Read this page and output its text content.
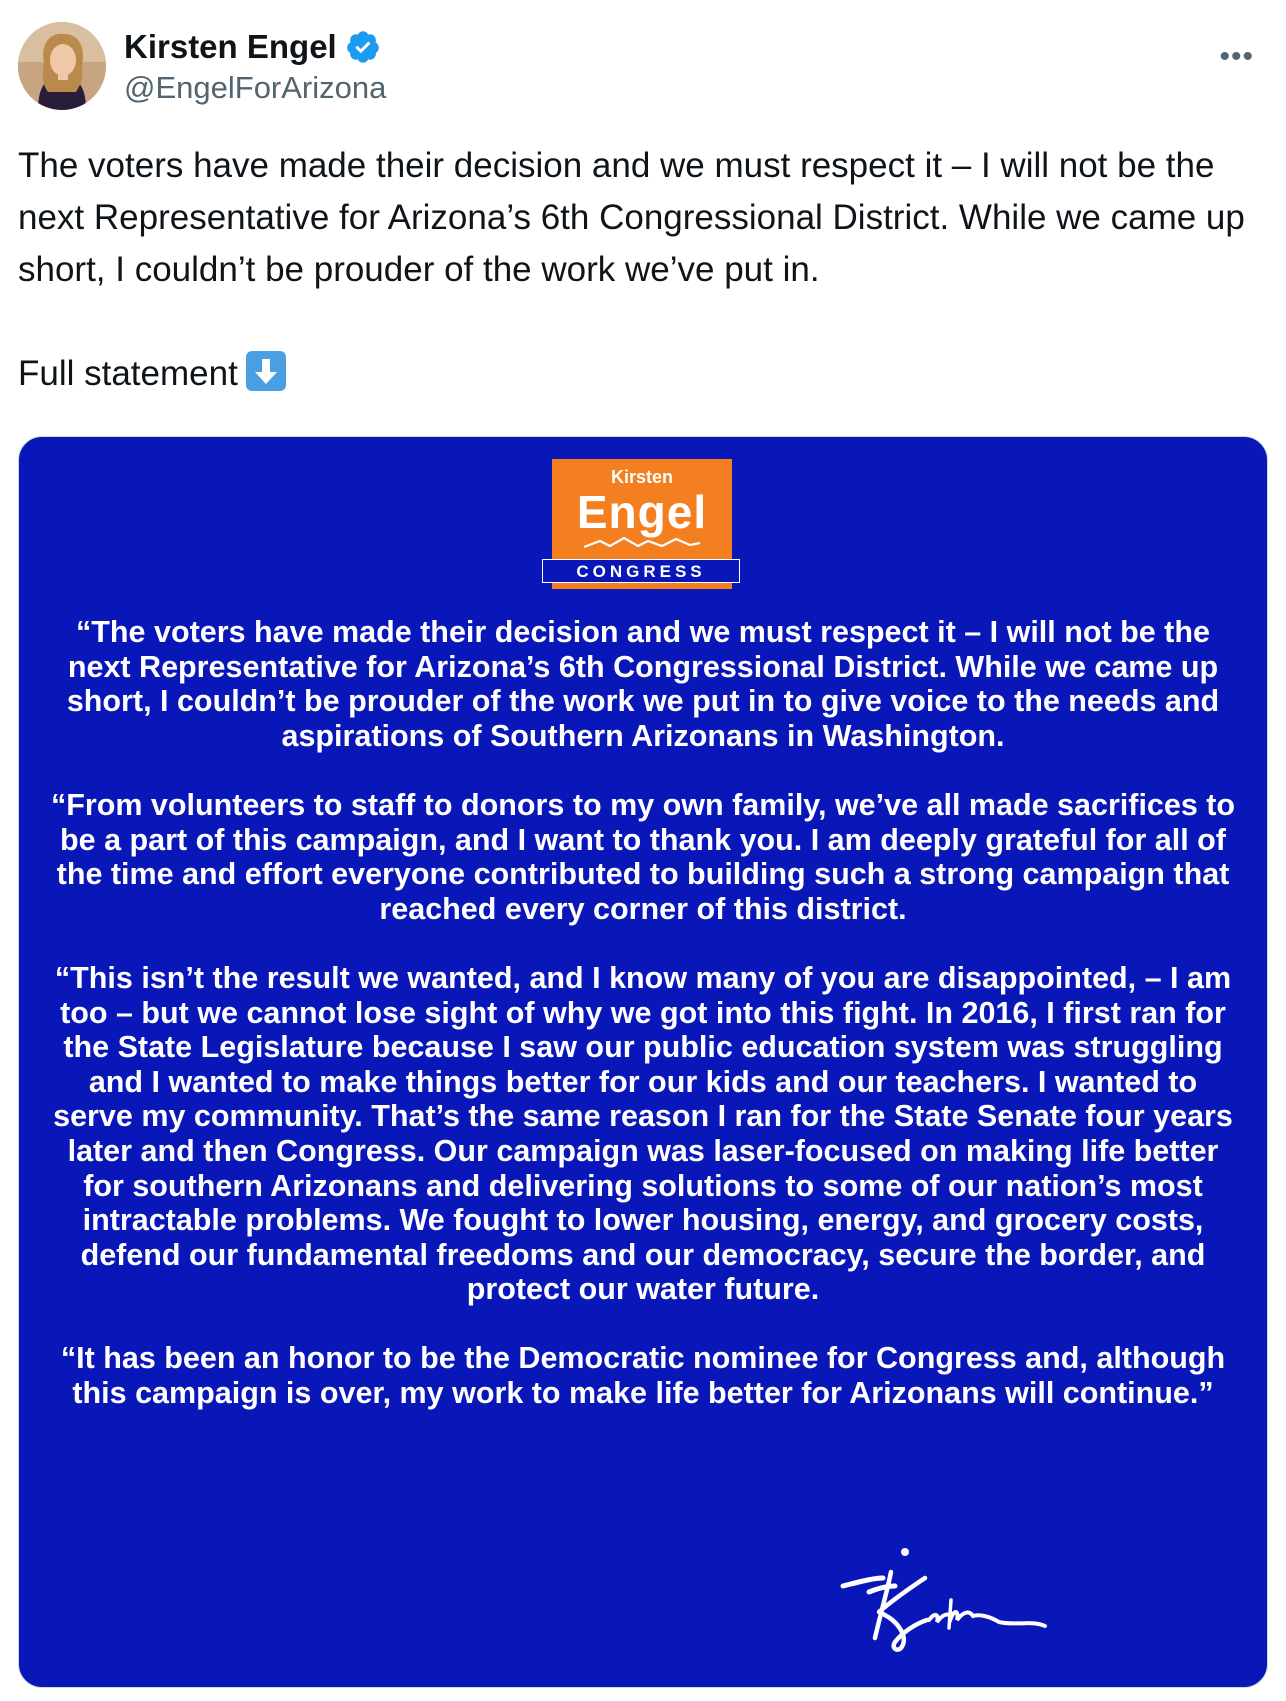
Kirsten Engel
@EngelForArizona
•••

The voters have made their decision and we must respect it – I will not be the next Representative for Arizona’s 6th Congressional District. While we came up short, I couldn’t be prouder of the work we’ve put in.

Full statement

Kirsten
Engel
CONGRESS

“The voters have made their decision and we must respect it – I will not be the next Representative for Arizona’s 6th Congressional District. While we came up short, I couldn’t be prouder of the work we put in to give voice to the needs and aspirations of Southern Arizonans in Washington.

“From volunteers to staff to donors to my own family, we’ve all made sacrifices to be a part of this campaign, and I want to thank you. I am deeply grateful for all of the time and effort everyone contributed to building such a strong campaign that reached every corner of this district.

“This isn’t the result we wanted, and I know many of you are disappointed, – I am too – but we cannot lose sight of why we got into this fight. In 2016, I first ran for the State Legislature because I saw our public education system was struggling and I wanted to make things better for our kids and our teachers. I wanted to serve my community. That’s the same reason I ran for the State Senate four years later and then Congress. Our campaign was laser-focused on making life better for southern Arizonans and delivering solutions to some of our nation’s most intractable problems. We fought to lower housing, energy, and grocery costs, defend our fundamental freedoms and our democracy, secure the border, and protect our water future.

“It has been an honor to be the Democratic nominee for Congress and, although this campaign is over, my work to make life better for Arizonans will continue.”
